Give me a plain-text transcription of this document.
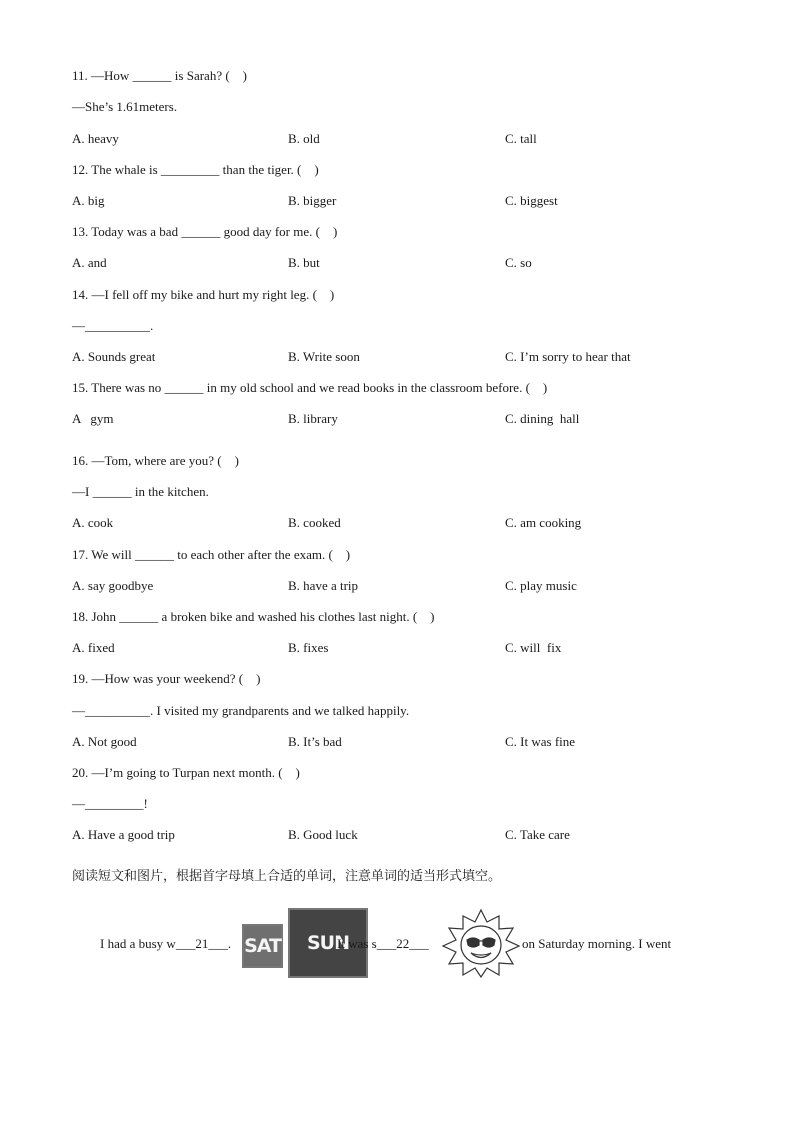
11. —How ______ is Sarah? (    )
—She’s 1.61meters.
A. heavy	B. old	C. tall
12. The whale is _________ than the tiger. (    )
A. big	B. bigger	C. biggest
13. Today was a bad ______ good day for me. (    )
A. and	B. but	C. so
14. —I fell off my bike and hurt my right leg. (    )
—__________.
A. Sounds great	B. Write soon	C. I’m sorry to hear that
15. There was no ______ in my old school and we read books in the classroom before. (    )
A   gym	B. library	C. dining  hall
16. —Tom, where are you? (    )
—I ______ in the kitchen.
A. cook	B. cooked	C. am cooking
17. We will ______ to each other after the exam. (    )
A. say goodbye	B. have a trip	C. play music
18. John ______ a broken bike and washed his clothes last night. (    )
A. fixed	B. fixes	C. will  fix
19. —How was your weekend? (    )
—__________. I visited my grandparents and we talked happily.
A. Not good	B. It’s bad	C. It was fine
20. —I’m going to Turpan next month. (    )
—_________!
A. Have a good trip	B. Good luck	C. Take care
阅读短文和图片，根据首字母填上合适的单词，注意单词的适当形式填空。
I had a busy w___21___. SAT	SUN
It was s___22___	on Saturday morning. I went
